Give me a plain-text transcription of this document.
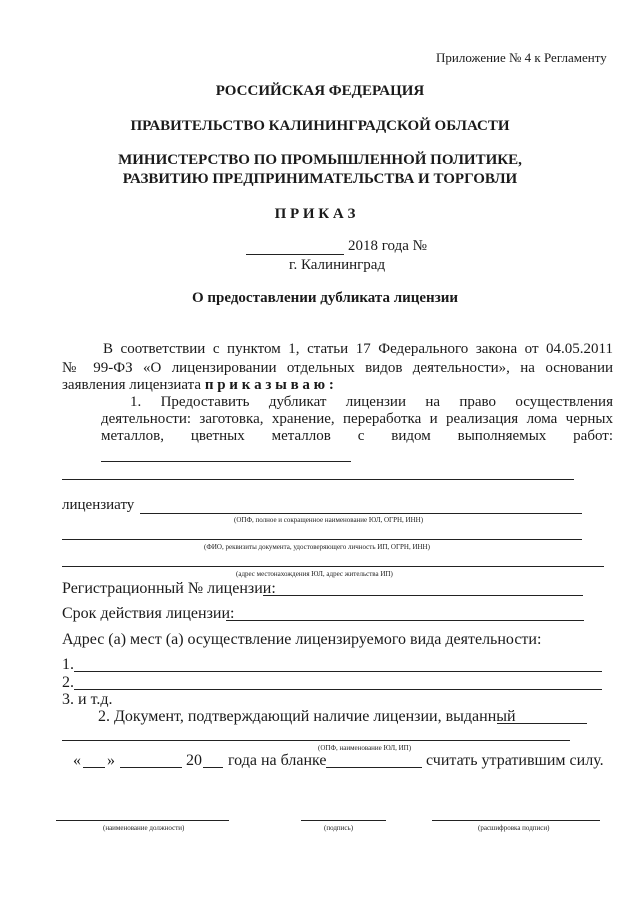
Приложение № 4 к Регламенту
РОССИЙСКАЯ ФЕДЕРАЦИЯ
ПРАВИТЕЛЬСТВО КАЛИНИНГРАДСКОЙ ОБЛАСТИ
МИНИСТЕРСТВО ПО ПРОМЫШЛЕННОЙ ПОЛИТИКЕ,
РАЗВИТИЮ ПРЕДПРИНИМАТЕЛЬСТВА И ТОРГОВЛИ
П Р И К А З
2018 года №
г. Калининград
О предоставлении дубликата лицензии
В соответствии с пунктом 1, статьи 17 Федерального закона от 04.05.2011
№ 99-ФЗ «О лицензировании отдельных видов деятельности», на основании
заявления лицензиата п р и к а з ы в а ю :
1. Предоставить дубликат лицензии на право осуществления
деятельности: заготовка, хранение, переработка и реализация лома черных
металлов, цветных металлов с видом выполняемых работ:
лицензиату
(ОПФ, полное и сокращенное наименование ЮЛ, ОГРН, ИНН)
(ФИО, реквизиты документа, удостоверяющего личность ИП, ОГРН, ИНН)
(адрес местонахождения ЮЛ, адрес жительства ИП)
Регистрационный № лицензии:
Срок действия лицензии:
Адрес (а) мест (а) осуществление лицензируемого вида деятельности:
1.
2.
3. и т.д.
2. Документ, подтверждающий наличие лицензии, выданный
(ОПФ, наименование ЮЛ, ИП)
« »	20 года на бланке	считать утратившим силу.
(наименование должности)	(подпись)	(расшифровка подписи)
